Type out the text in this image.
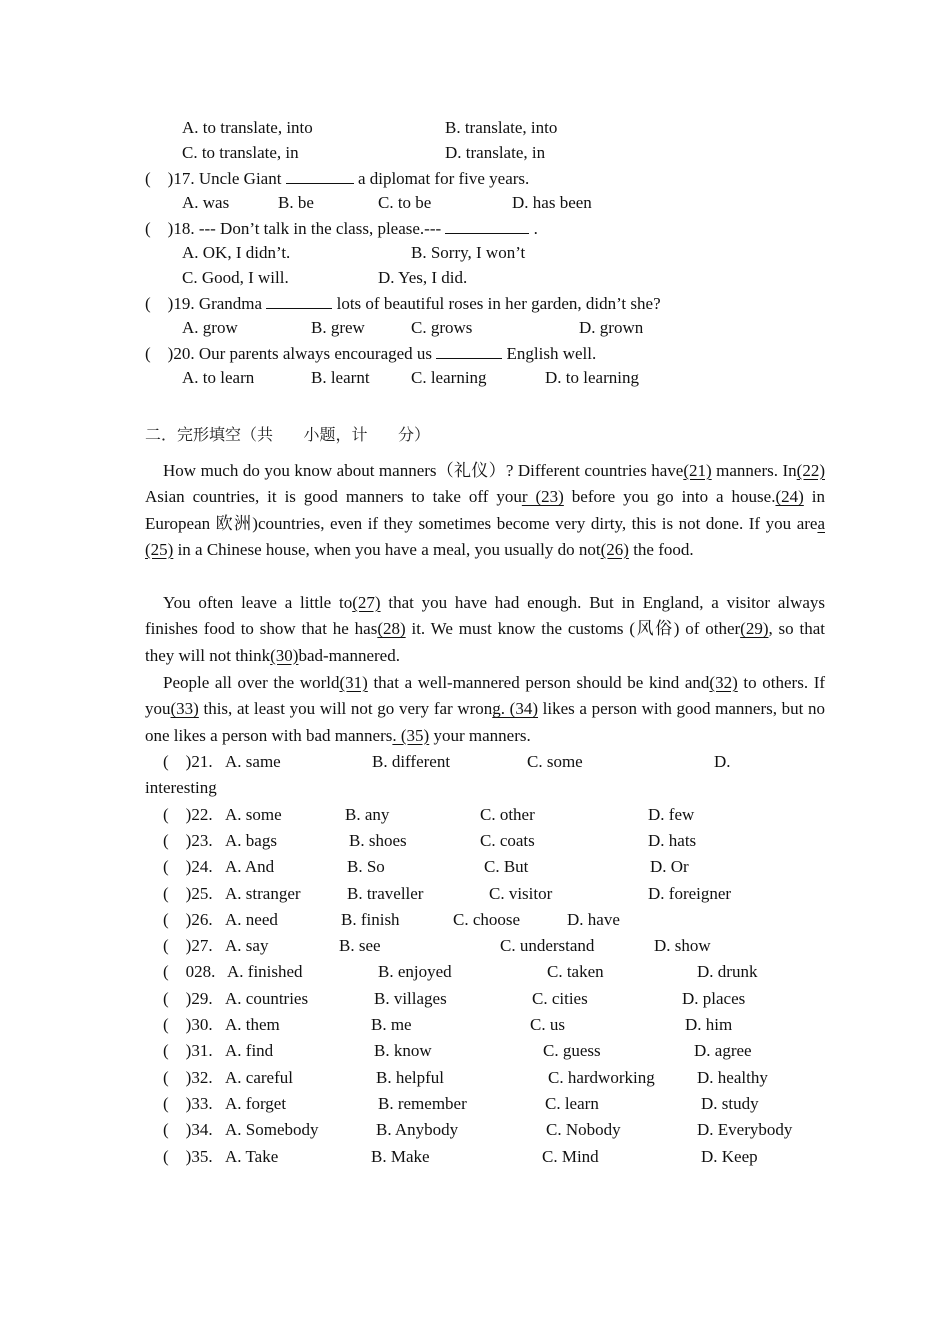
A. to translate, into	B. translate, into
C. to translate, in	D. translate, in
(    )17. Uncle Giant	a diplomat for five years.
A. was	B. be	C. to be	D. has been
(    )18. --- Don’t talk in the class, please.---	.
A. OK, I didn’t.	B. Sorry, I won’t
C. Good, I will.	D. Yes, I did.
(    )19. Grandma	lots of beautiful roses in her garden, didn’t she?
A. grow	B. grew	C. grows	D. grown
(    )20. Our parents always encouraged us	English well.
A. to learn	B. learnt C. learning	D. to learning
二．完形填空（共      小题，计      分）

How much do you know about manners（礼仪）? Different countries have(21) manners. In(22) Asian countries, it is good manners to take off your (23) before you go into a house.(24) in European 欧洲)countries, even if they sometimes become very dirty, this is not done. If you area (25) in a Chinese house, when you have a meal, you usually do not(26) the food.

You often leave a little to(27) that you have had enough. But in England, a visitor always finishes food to show that he has(28) it. We must know the customs (风俗) of other(29), so that they will not think(30)bad-mannered.

People all over the world(31) that a well-mannered person should be kind and(32) to others. If you(33) this, at least you will not go very far wrong. (34) likes a person with good manners, but no one likes a person with bad manners. (35) your manners.

(    )21. A. same	B. different	C. some	D.
interesting
(    )22. A. some	B. any	C. other	D. few
(    )23. A. bags	B. shoes	C. coats	D. hats
(    )24. A. And	B. So	C. But	D. Or
(    )25. A. stranger	B. traveller	C. visitor	D. foreigner
(    )26. A. need	B. finish	C. choose	D. have
(    )27. A. say	B. see	C. understand	D. show
(    028. A. finished	B. enjoyed	C. taken	D. drunk
(    )29. A. countries	B. villages	C. cities	D. places
(    )30. A. them	B. me	C. us	D. him
(    )31. A. find	B. know	C. guess	D. agree
(    )32. A. careful	B. helpful	C. hardworking D. healthy
(    )33. A. forget	B. remember	C. learn	D. study
(    )34. A. Somebody	B. Anybody	C. Nobody	D. Everybody
(    )35. A. Take	B. Make	C. Mind	D. Keep
